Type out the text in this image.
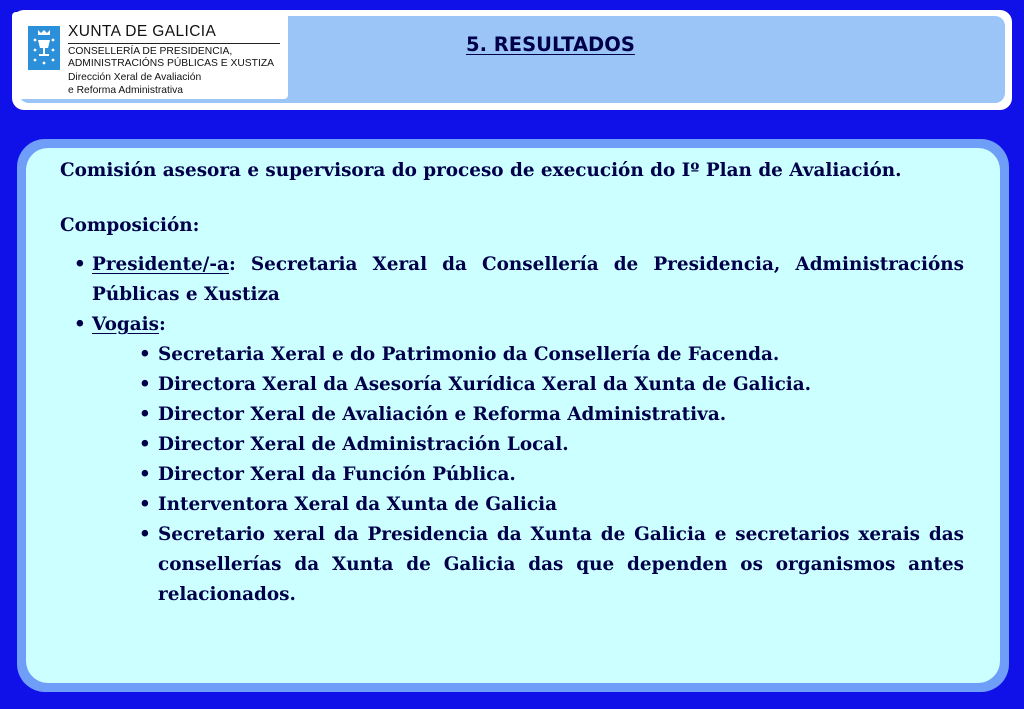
XUNTA DE GALICIA
CONSELLERÍA DE PRESIDENCIA,
ADMINISTRACIÓNS PÚBLICAS E XUSTIZA
Dirección Xeral de Avaliación
e Reforma Administrativa
5. RESULTADOS

Comisión asesora e supervisora do proceso de execución do Iº Plan de Avaliación.

Composición:
• Presidente/-a: Secretaria Xeral da Consellería de Presidencia, Administracións Públicas e Xustiza
• Vogais:
• Secretaria Xeral e do Patrimonio da Consellería de Facenda.
• Directora Xeral da Asesoría Xurídica Xeral da Xunta de Galicia.
• Director Xeral de Avaliación e Reforma Administrativa.
• Director Xeral de Administración Local.
• Director Xeral da Función Pública.
• Interventora Xeral da Xunta de Galicia
• Secretario xeral da Presidencia da Xunta de Galicia e secretarios xerais das consellerías da Xunta de Galicia das que dependen os organismos antes relacionados.
